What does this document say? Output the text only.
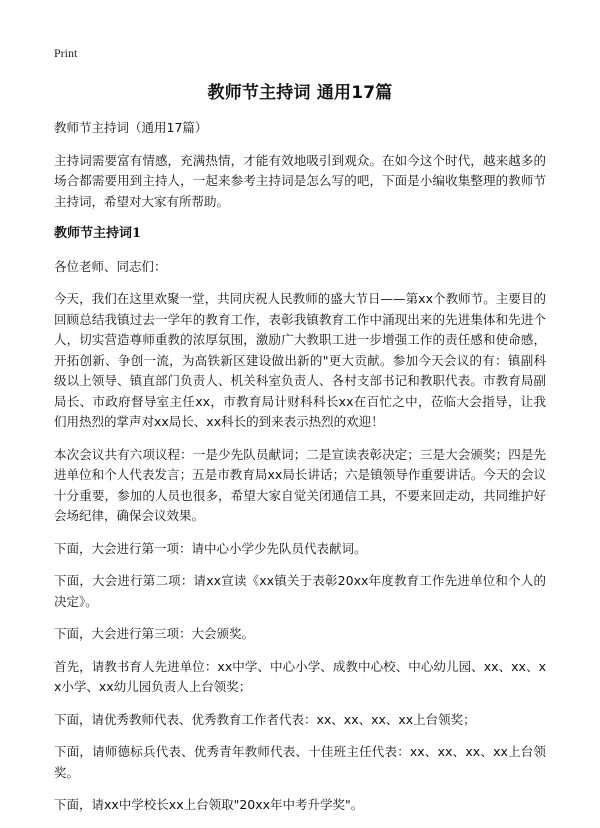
Print
教师节主持词 通用17篇

教师节主持词（通用17篇）

主持词需要富有情感，充满热情，才能有效地吸引到观众。在如今这个时代，越来越多的场合都需要用到主持人，一起来参考主持词是怎么写的吧，下面是小编收集整理的教师节主持词，希望对大家有所帮助。

教师节主持词1

各位老师、同志们：

今天，我们在这里欢聚一堂，共同庆祝人民教师的盛大节日——第xx个教师节。主要目的回顾总结我镇过去一学年的教育工作，表彰我镇教育工作中涌现出来的先进集体和先进个人，切实营造尊师重教的浓厚氛围，激励广大教职工进一步增强工作的责任感和使命感，开拓创新、争创一流，为高铁新区建设做出新的"更大贡献。参加今天会议的有：镇副科级以上领导、镇直部门负责人、机关科室负责人、各村支部书记和教职代表。市教育局副局长、市政府督导室主任xx，市教育局计财科科长xx在百忙之中，莅临大会指导，让我们用热烈的掌声对xx局长、xx科长的到来表示热烈的欢迎！

本次会议共有六项议程：一是少先队员献词；二是宣读表彰决定；三是大会颁奖；四是先进单位和个人代表发言；五是市教育局xx局长讲话；六是镇领导作重要讲话。今天的会议十分重要，参加的人员也很多，希望大家自觉关闭通信工具，不要来回走动，共同维护好会场纪律，确保会议效果。

下面，大会进行第一项：请中心小学少先队员代表献词。

下面，大会进行第二项：请xx宣读《xx镇关于表彰20xx年度教育工作先进单位和个人的决定》。

下面，大会进行第三项：大会颁奖。

首先，请教书育人先进单位：xx中学、中心小学、成教中心校、中心幼儿园、xx、xx、xx小学、xx幼儿园负责人上台领奖；

下面，请优秀教师代表、优秀教育工作者代表：xx、xx、xx、xx上台领奖；

下面，请师德标兵代表、优秀青年教师代表、十佳班主任代表：xx、xx、xx、xx上台领奖。

下面，请xx中学校长xx上台领取"20xx年中考升学奖"。
